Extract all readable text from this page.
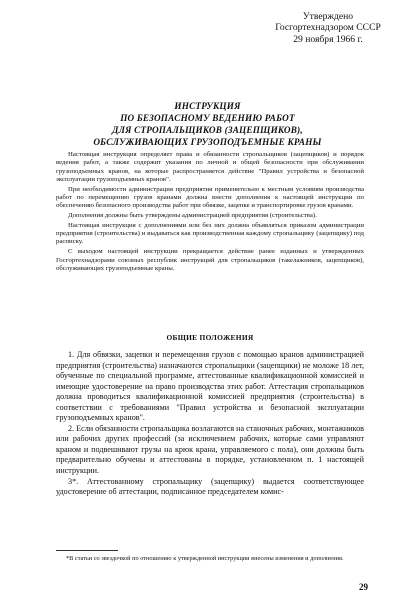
Утверждено
Госгортехнадзором СССР
29 ноября 1966 г.
ИНСТРУКЦИЯ
ПО БЕЗОПАСНОМУ ВЕДЕНИЮ РАБОТ
ДЛЯ СТРОПАЛЬЩИКОВ (ЗАЦЕПЩИКОВ),
ОБСЛУЖИВАЮЩИХ ГРУЗОПОДЪЕМНЫЕ КРАНЫ

Настоящая инструкция определяет права и обязанности стропальщиков (зацепщиков) и порядок ведения работ, а также содержит указания по личной и общей безопасности при обслуживании грузоподъемных кранов, на которые распространяется действие "Правил устройства и безопасной эксплуатации грузоподъемных кранов".

При необходимости администрация предприятия применительно к местным условиям производства работ по перемещению грузов кранами должна внести дополнения к настоящей инструкции по обеспечению безопасного производства работ при обвязке, зацепке и транспортировке грузов кранами.

Дополнения должны быть утверждены администрацией предприятия (строительства).

Настоящая инструкция с дополнениями или без них должна объявляться приказом администрации предприятия (строительства) и выдаваться как производственная каждому стропальщику (зацепщику) под расписку.

С выходом настоящей инструкции прекращается действие ранее изданных и утвержденных Госгортехнадзорами союзных республик инструкций для стропальщиков (такелажников, зацепщиков), обслуживающих грузоподъемные краны.

ОБЩИЕ ПОЛОЖЕНИЯ

1. Для обвязки, зацепки и перемещения грузов с помощью кранов администрацией предприятия (строительства) назначаются стропальщики (зацепщики) не моложе 18 лет, обученные по специальной программе, аттестованные квалификационной комиссией и имеющие удостоверение на право производства этих работ. Аттестация стропальщиков должна проводиться квалификационной комиссией предприятия (строительства) в соответствии с требованиями "Правил устройства и безопасной эксплуатации грузоподъемных кранов".

2. Если обязанности стропальщика возлагаются на станочных рабочих, монтажников или рабочих других профессий (за исключением рабочих, которые сами управляют краном и подвешивают грузы на крюк крана, управляемого с пола), они должны быть предварительно обучены и аттестованы в порядке, установленном п. 1 настоящей инструкции.

3*. Аттестованному стропальщику (зацепщику) выдается соответствующее удостоверение об аттестации, подписанное председателем комис-

*В статьи со звездочкой по отношению к утвержденной инструкции внесены изменения и дополнения.

29
